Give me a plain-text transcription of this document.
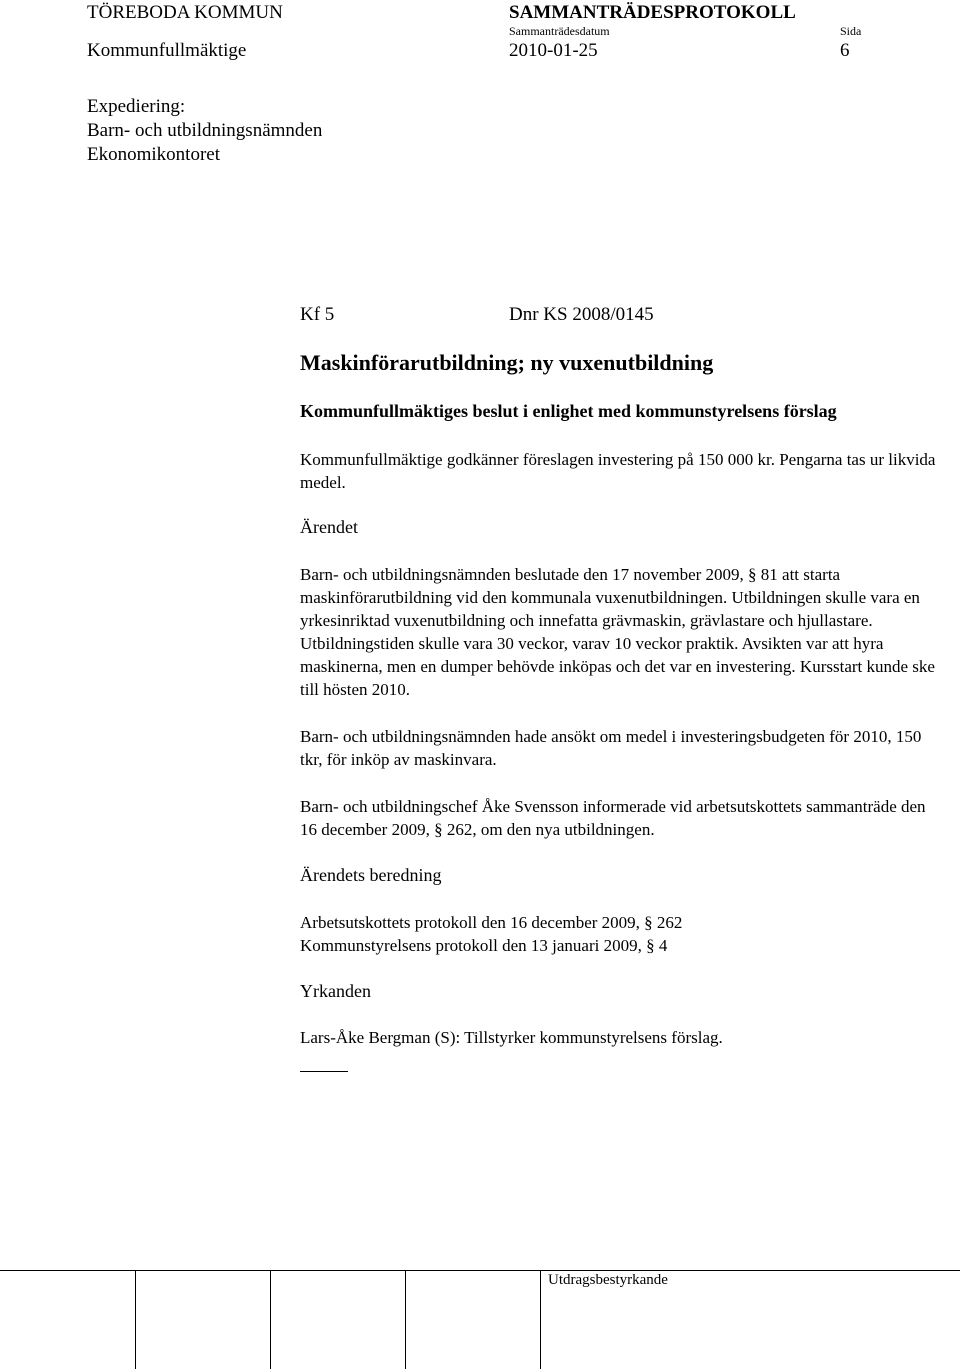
TÖREBODA KOMMUN	SAMMANTRÄDESPROTOKOLL
Sammanträdesdatum	Sida
Kommunfullmäktige	2010-01-25	6
Expediering:
Barn- och utbildningsnämnden
Ekonomikontoret
Kf 5	Dnr KS 2008/0145
Maskinförarutbildning; ny vuxenutbildning
Kommunfullmäktiges beslut i enlighet med kommunstyrelsens förslag

Kommunfullmäktige godkänner föreslagen investering på 150 000 kr. Pengarna tas ur likvida medel.

Ärendet

Barn- och utbildningsnämnden beslutade den 17 november 2009, § 81 att starta maskinförarutbildning vid den kommunala vuxenutbildningen. Utbildningen skulle vara en yrkesinriktad vuxenutbildning och innefatta grävmaskin, grävlastare och hjullastare. Utbildningstiden skulle vara 30 veckor, varav 10 veckor praktik. Avsikten var att hyra maskinerna, men en dumper behövde inköpas och det var en investering. Kursstart kunde ske till hösten 2010.

Barn- och utbildningsnämnden hade ansökt om medel i investeringsbudgeten för 2010, 150 tkr, för inköp av maskinvara.

Barn- och utbildningschef Åke Svensson informerade vid arbetsutskottets sammanträde den 16 december 2009, § 262, om den nya utbildningen.

Ärendets beredning
Arbetsutskottets protokoll den 16 december 2009, § 262
Kommunstyrelsens protokoll den 13 januari 2009, § 4
Yrkanden
Lars-Åke Bergman (S): Tillstyrker kommunstyrelsens förslag.
Utdragsbestyrkande
